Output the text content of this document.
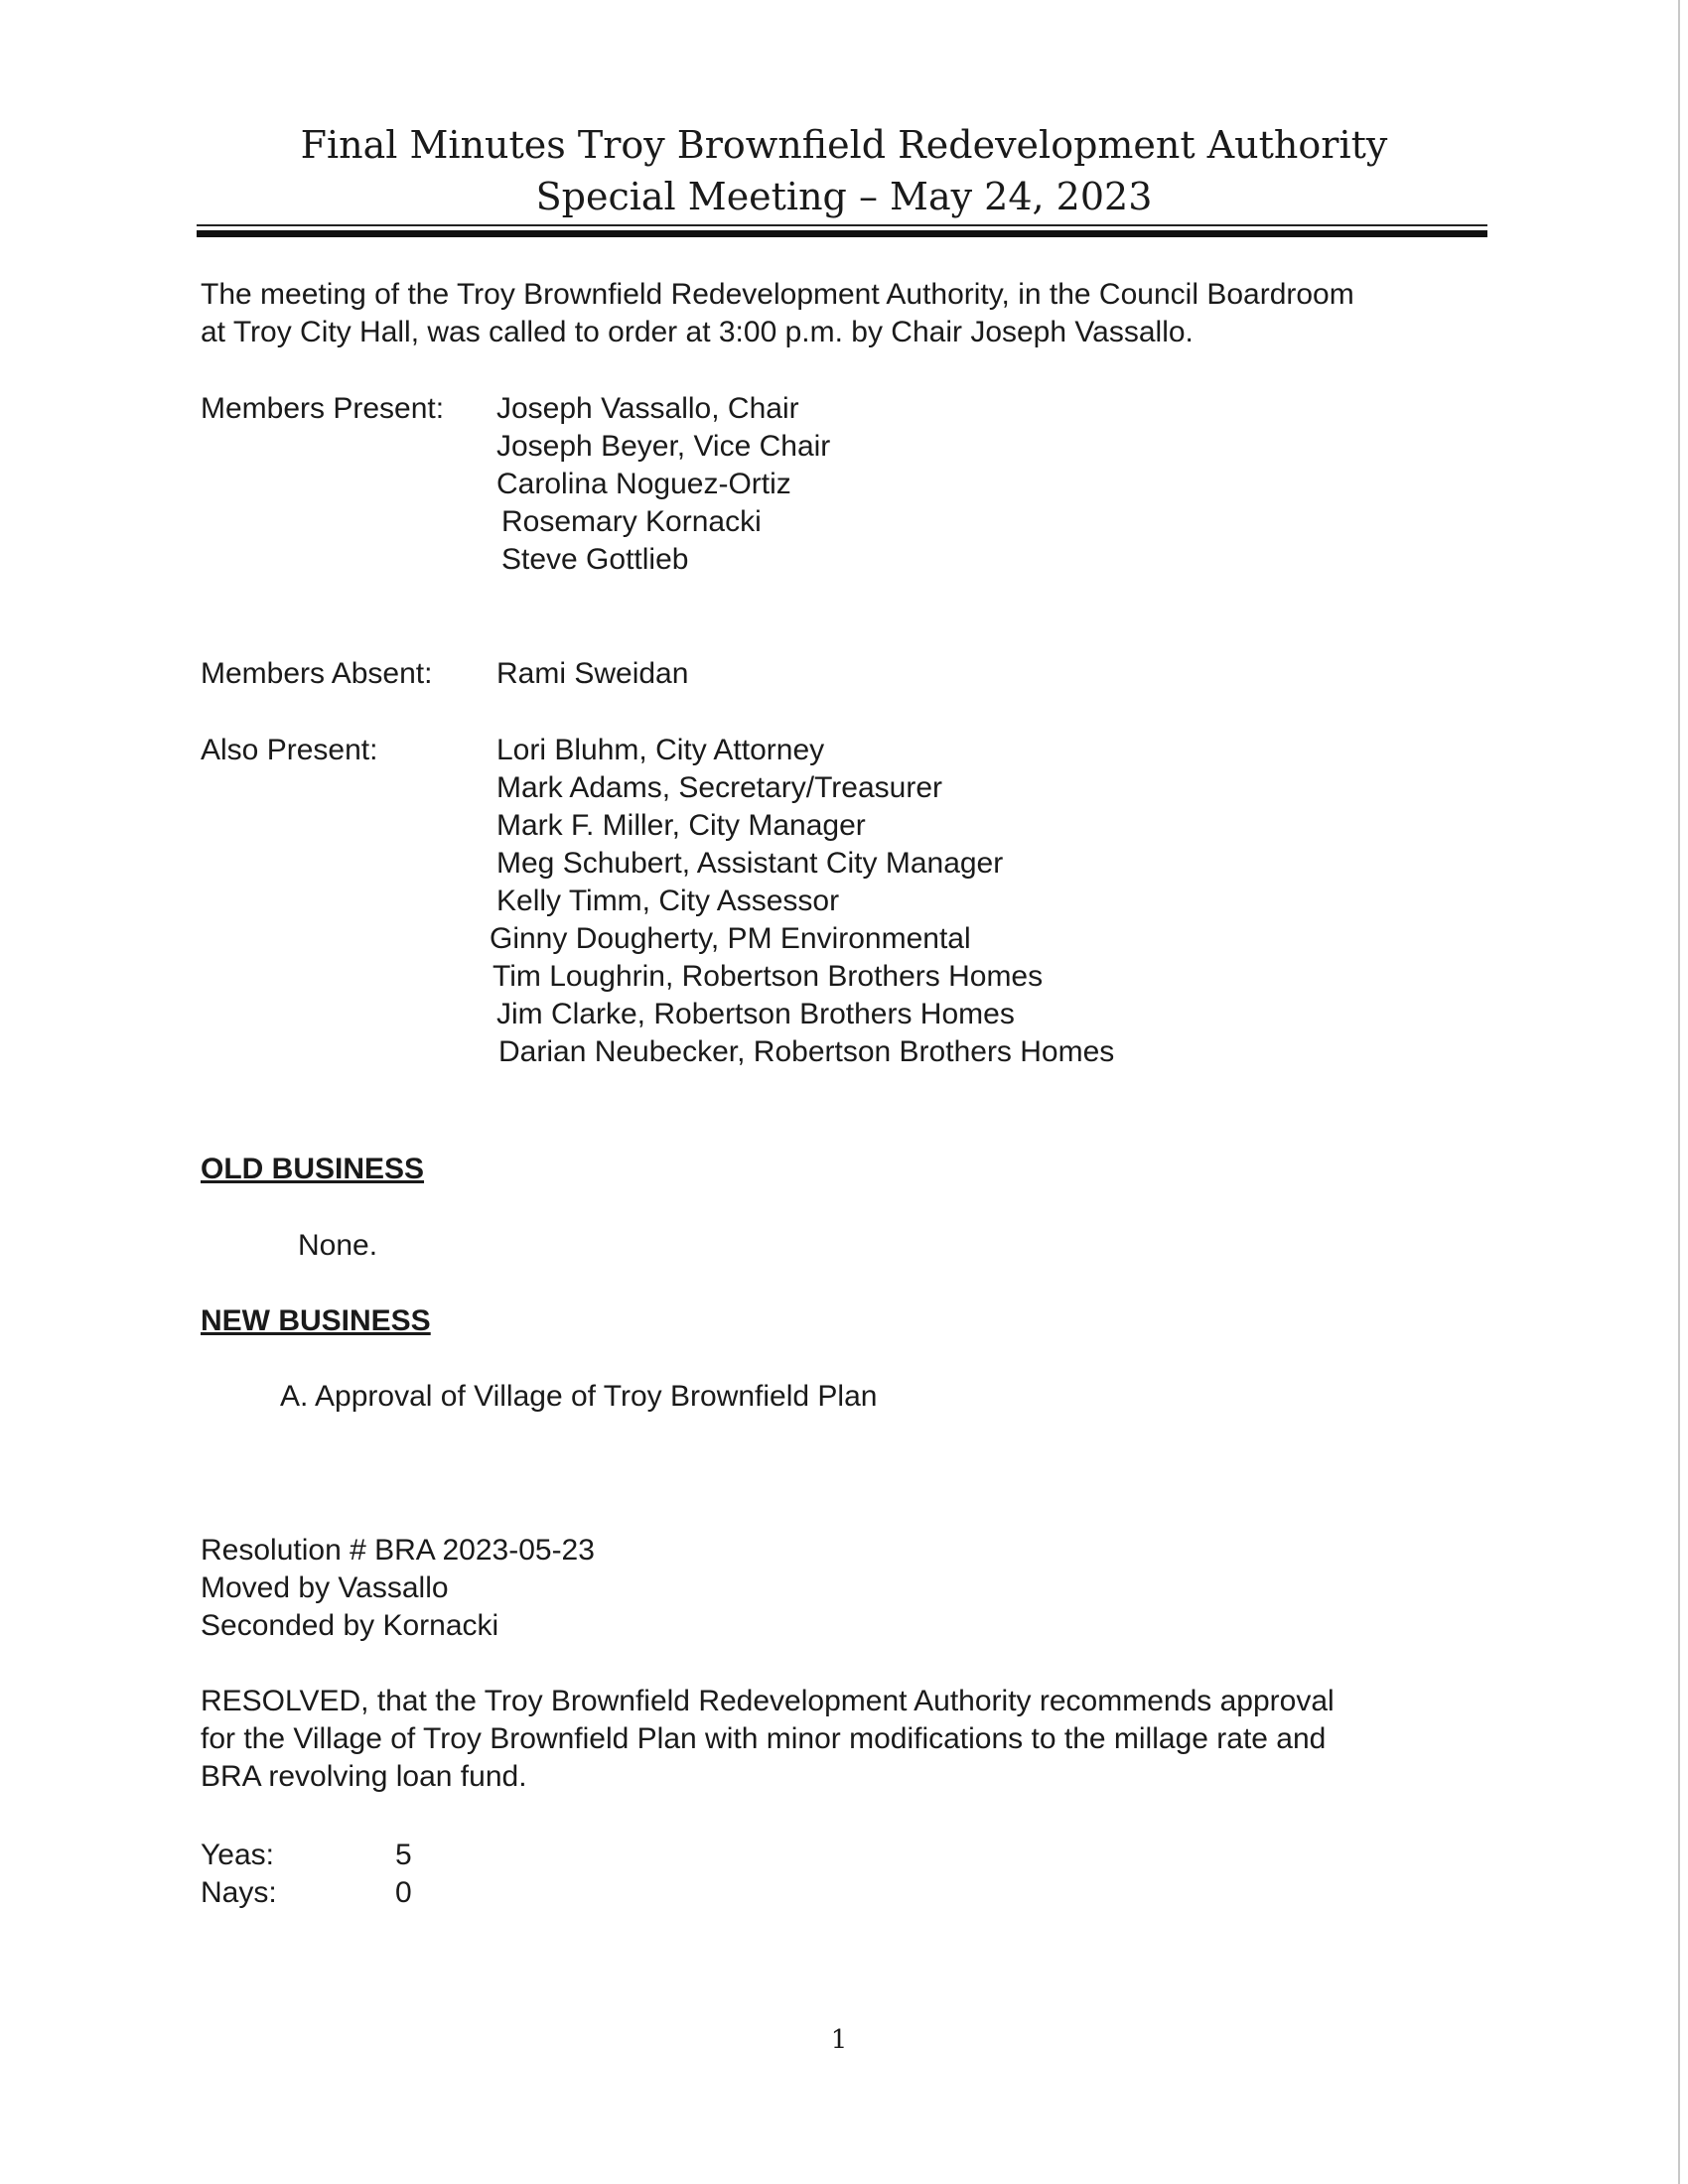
Final Minutes Troy Brownfield Redevelopment Authority
Special Meeting – May 24, 2023
The meeting of the Troy Brownfield Redevelopment Authority, in the Council Boardroom
at Troy City Hall, was called to order at 3:00 p.m. by Chair Joseph Vassallo.
Members Present: Joseph Vassallo, Chair
Joseph Beyer, Vice Chair
Carolina Noguez-Ortiz
Rosemary Kornacki
Steve Gottlieb
Members Absent: Rami Sweidan
Also Present:	Lori Bluhm, City Attorney
Mark Adams, Secretary/Treasurer
Mark F. Miller, City Manager
Meg Schubert, Assistant City Manager
Kelly Timm, City Assessor
Ginny Dougherty, PM Environmental
Tim Loughrin, Robertson Brothers Homes
Jim Clarke, Robertson Brothers Homes
Darian Neubecker, Robertson Brothers Homes
OLD BUSINESS
None.
NEW BUSINESS
A. Approval of Village of Troy Brownfield Plan
Resolution # BRA 2023-05-23
Moved by Vassallo
Seconded by Kornacki
RESOLVED, that the Troy Brownfield Redevelopment Authority recommends approval
for the Village of Troy Brownfield Plan with minor modifications to the millage rate and
BRA revolving loan fund.
Yeas:	5
Nays:	0
1
